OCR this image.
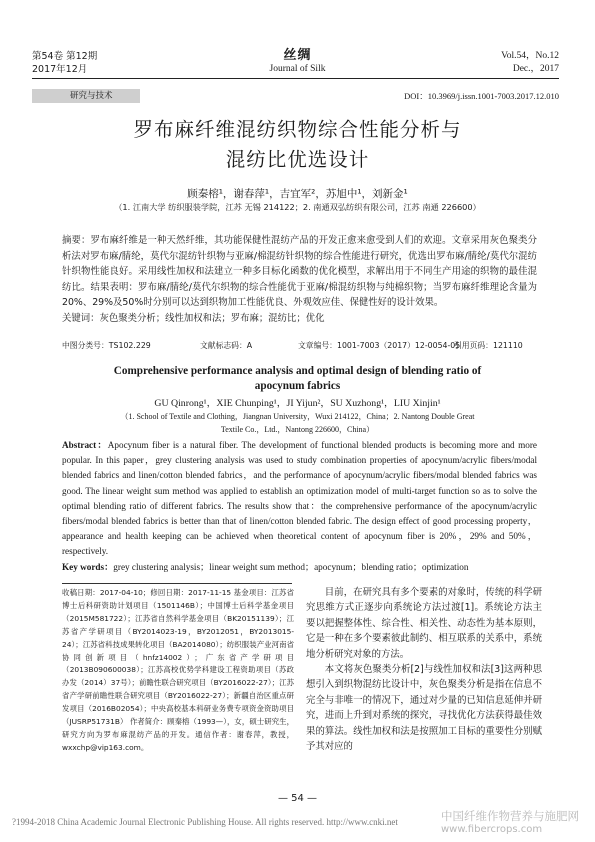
第54卷 第12期
2017年12月
丝绸
Journal of Silk
Vol.54，No.12
Dec.，2017
研究与技术	DOI：10.3969/j.issn.1001-7003.2017.12.010
罗布麻纤维混纺织物综合性能分析与
混纺比优选设计
顾秦榕¹，谢春萍¹，吉宜军²，苏旭中¹，刘新金¹
（1. 江南大学 纺织服装学院，江苏 无锡 214122；2. 南通双弘纺织有限公司，江苏 南通 226600）
摘要：罗布麻纤维是一种天然纤维，其功能保健性混纺产品的开发正愈来愈受到人们的欢迎。文章采用灰色聚类分析法对罗布麻/腈纶，莫代尔混纺针织物与亚麻/棉混纺针织物的综合性能进行研究，优选出罗布麻/腈纶/莫代尔混纺针织物性能良好。采用线性加权和法建立一种多目标化函数的优化模型，求解出用于不同生产用途的织物的最佳混纺比。结果表明：罗布麻/腈纶/莫代尔织物的综合性能优于亚麻/棉混纺织物与纯棉织物；当罗布麻纤维理论含量为20%、29%及50%时分别可以达到织物加工性能优良、外观效应佳、保健性好的设计效果。
关键词：灰色聚类分析；线性加权和法；罗布麻；混纺比；优化
中图分类号：TS102.229	文献标志码：A	文章编号：1001-7003（2017）12-0054-05
引用页码：121110
Comprehensive performance analysis and optimal design of blending ratio of
apocynum fabrics
GU Qinrong¹，XIE Chunping¹，JI Yijun²，SU Xuzhong¹，LIU Xinjin¹
（1. School of Textile and Clothing，Jiangnan University，Wuxi 214122，China；2. Nantong Double Great
Textile Co.，Ltd.，Nantong 226600，China）
Abstract：Apocynum fiber is a natural fiber. The development of functional blended products is becoming more and more popular. In this paper，grey clustering analysis was used to study combination properties of apocynum/acrylic fibers/modal blended fabrics and linen/cotton blended fabrics，and the performance of apocynum/acrylic fibers/modal blended fabrics was good. The linear weight sum method was applied to establish an optimization model of multi-target function so as to solve the optimal blending ratio of different fabrics. The results show that：the comprehensive performance of the apocynum/acrylic fibers/modal blended fabrics is better than that of linen/cotton blended fabric. The design effect of good processing property，appearance and health keeping can be achieved when theoretical content of apocynum fiber is 20%，29% and 50%，respectively.
Key words：grey clustering analysis；linear weight sum method；apocynum；blending ratio；optimization
收稿日期：2017-04-10；修回日期：2017-11-15 基金项目：江苏省博士后科研资助计划项目（1501146B）；中国博士后科学基金项目（2015M581722）；江苏省自然科学基金项目（BK20151139）；江苏省产学研项目（BY2014023-19，BY2012051，BY2013015-24）；江苏省科技成果转化项目（BA2014080）；纺织服装产业河南省协同创新项目（hnfz14002）；广东省产学研项目（2013B090600038）；江苏高校优势学科建设工程资助项目（苏政办发（2014）37号）；前瞻性联合研究项目（BY2016022-27）；江苏省产学研前瞻性联合研究项目（BY2016022-27）；新疆自治区重点研发项目（2016B02054）；中央高校基本科研业务费专项资金资助项目（JUSRP51731B） 作者简介：顾秦榕（1993—），女，硕士研究生，研究方向为罗布麻混纺产品的开发。通信作者：谢春萍，教授，wxxchp@vip163.com。

目前，在研究具有多个要素的对象时，传统的科学研究思维方式正逐步向系统论方法过渡[1]。系统论方法主要以把握整体性、综合性、相关性、动态性为基本原则，它是一种在多个要素彼此制约、相互联系的关系中，系统地分析研究对象的方法。

本文将灰色聚类分析[2]与线性加权和法[3]这两种思想引入到织物混纺比设计中，灰色聚类分析是指在信息不完全与非唯一的情况下，通过对少量的已知信息延伸并研究，进而上升到对系统的探究，寻找优化方法获得最佳效果的算法。线性加权和法是按照加工目标的重要性分别赋予其对应的

— 54 —
?1994-2018 China Academic Journal Electronic Publishing House. All rights reserved. http://www.cnki.net	中国纤维作物营养与施肥网
www.fibercrops.com
